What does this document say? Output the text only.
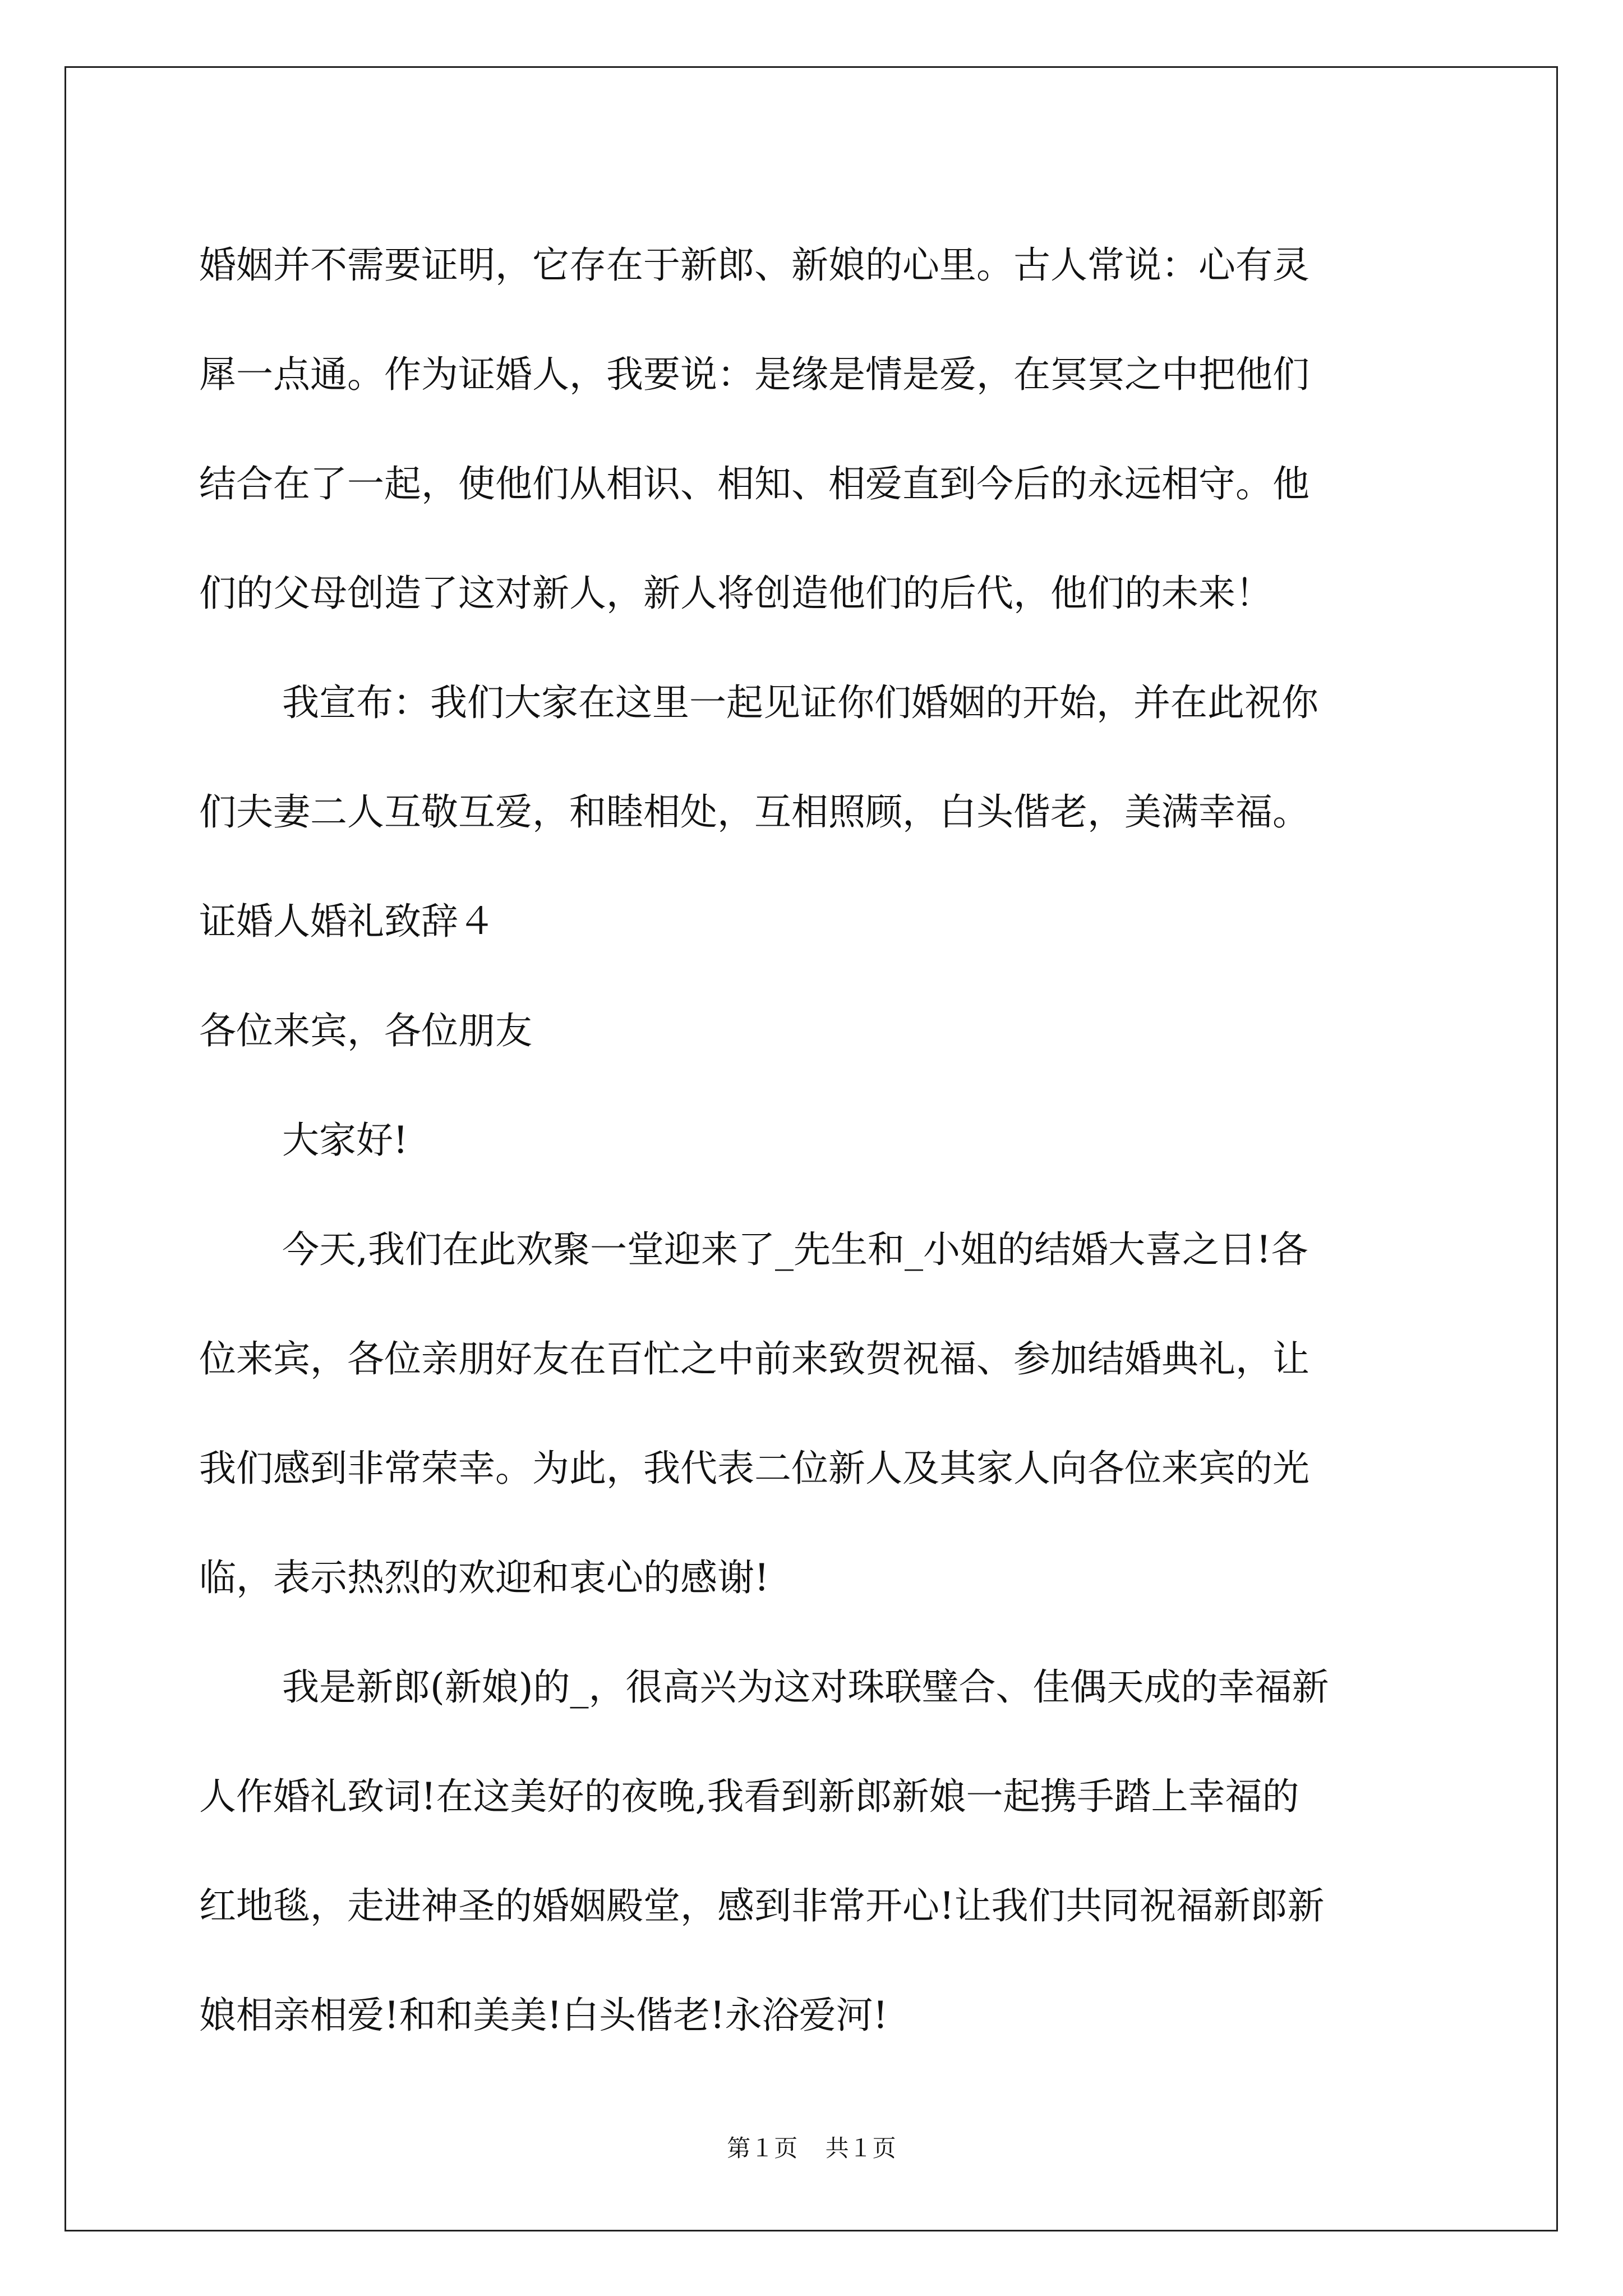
婚姻并不需要证明，它存在于新郎、新娘的心里。古人常说：心有灵
犀一点通。作为证婚人，我要说：是缘是情是爱，在冥冥之中把他们
结合在了一起，使他们从相识、相知、相爱直到今后的永远相守。他
们的父母创造了这对新人，新人将创造他们的后代，他们的未来！
我宣布：我们大家在这里一起见证你们婚姻的开始，并在此祝你
们夫妻二人互敬互爱，和睦相处，互相照顾，白头偕老，美满幸福。
证婚人婚礼致辞４
各位来宾，各位朋友
大家好!
今天,我们在此欢聚一堂迎来了_先生和_小姐的结婚大喜之日!各
位来宾，各位亲朋好友在百忙之中前来致贺祝福、参加结婚典礼，让
我们感到非常荣幸。为此，我代表二位新人及其家人向各位来宾的光
临，表示热烈的欢迎和衷心的感谢!
我是新郎(新娘)的_，很高兴为这对珠联璧合、佳偶天成的幸福新
人作婚礼致词!在这美好的夜晚,我看到新郎新娘一起携手踏上幸福的
红地毯，走进神圣的婚姻殿堂，感到非常开心!让我们共同祝福新郎新
娘相亲相爱!和和美美!白头偕老!永浴爱河!
第１页 共１页
